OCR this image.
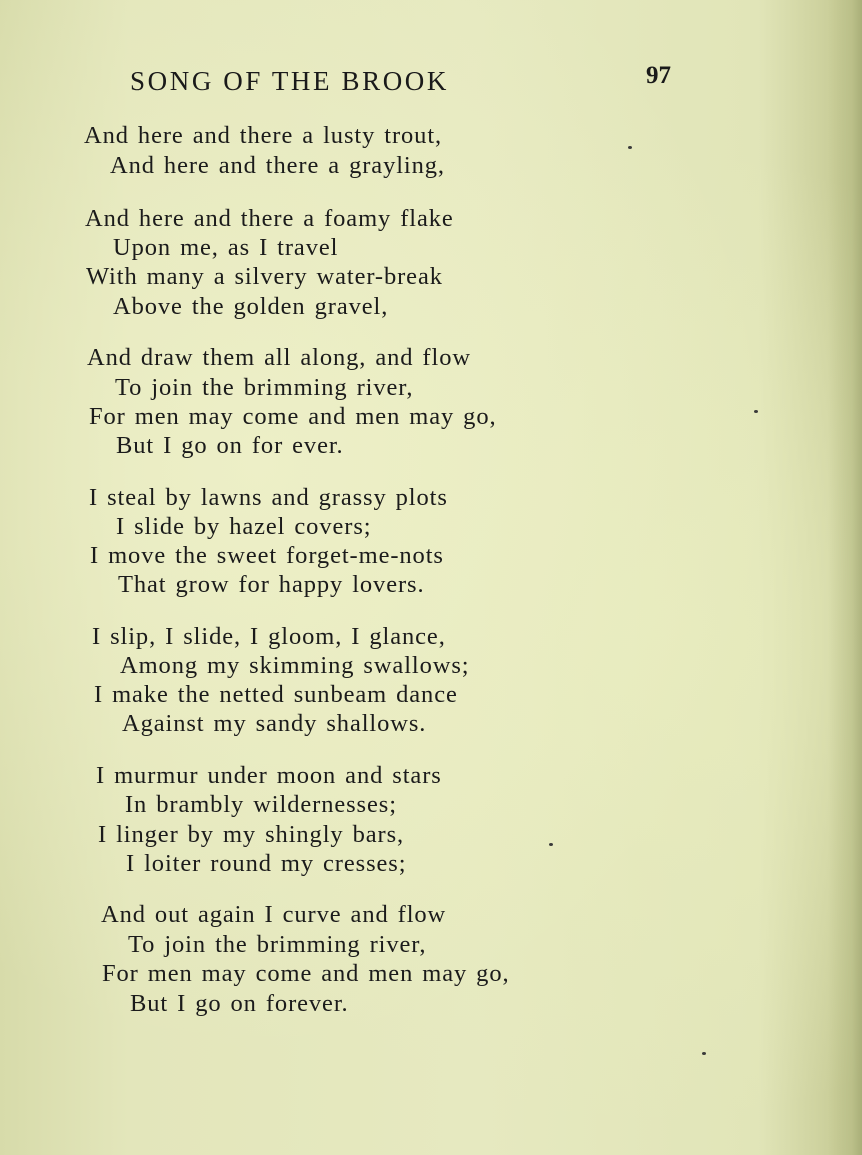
SONG OF THE BROOK	97
And here and there a lusty trout,
And here and there a grayling,
And here and there a foamy flake
Upon me, as I travel
With many a silvery water-break
Above the golden gravel,
And draw them all along, and flow
To join the brimming river,
For men may come and men may go,
But I go on for ever.
I steal by lawns and grassy plots
I slide by hazel covers;
I move the sweet forget-me-nots
That grow for happy lovers.
I slip, I slide, I gloom, I glance,
Among my skimming swallows;
I make the netted sunbeam dance
Against my sandy shallows.
I murmur under moon and stars
In brambly wildernesses;
I linger by my shingly bars,
I loiter round my cresses;
And out again I curve and flow
To join the brimming river,
For men may come and men may go,
But I go on forever.
